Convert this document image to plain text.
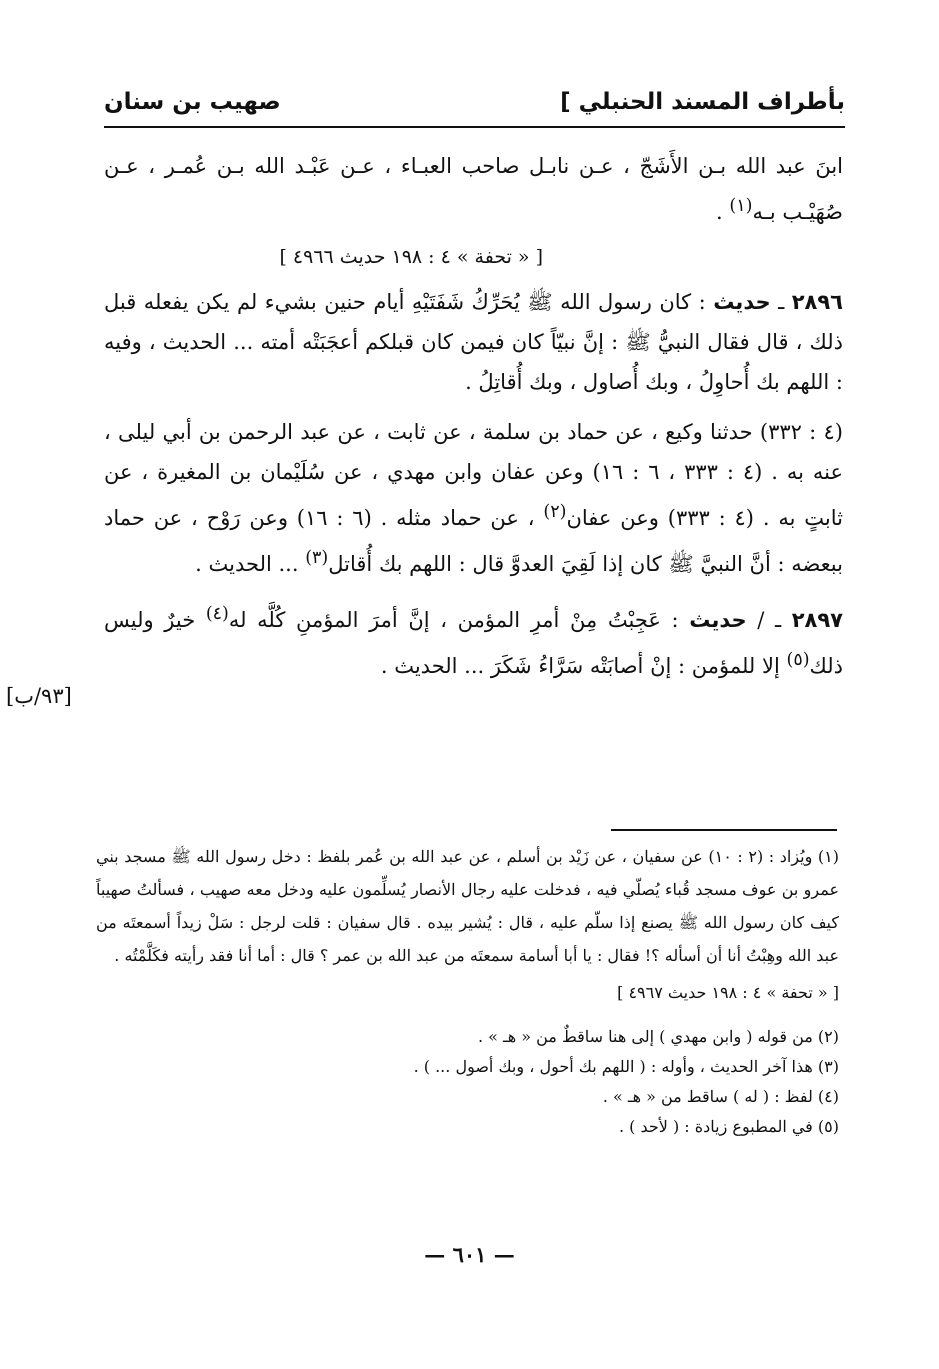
بأطراف المسند الحنبلي ]
صهيب بن سنان

ابنَ عبد الله بـن الأَشَجّ ، عـن نابـل صاحب العبـاء ، عـن عَبْـد الله بـن عُمـر ، عـن صُهَيْـب بـه$^{(١)}$ .

[ « تحفة » ٤ : ١٩٨ حديث ٤٩٦٦ ]

٢٨٩٦ ـ حديث : كان رسول الله ﷺ يُحَرِّكُ شَفَتَيْهِ أيام حنين بشيء لم يكن يفعله قبل ذلك ، قال فقال النبيُّ ﷺ : إنَّ نبيّاً كان فيمن كان قبلكم أعجَبَتْه أمته ... الحديث ، وفيه : اللهم بك أُحاوِلُ ، وبك أُصاول ، وبك أُقاتِلُ .

(٤ : ٣٣٢) حدثنا وكيع ، عن حماد بن سلمة ، عن ثابت ، عن عبد الرحمن بن أبي ليلى ، عنه به . (٤ : ٣٣٣ ، ٦ : ١٦) وعن عفان وابن مهدي ، عن سُلَيْمان بن المغيرة ، عن ثابتٍ به . (٤ : ٣٣٣) وعن عفان$^{(٢)}$ ، عن حماد مثله . (٦ : ١٦) وعن رَوْح ، عن حماد ببعضه : أنَّ النبيَّ ﷺ كان إذا لَقِيَ العدوَّ قال : اللهم بك أُقاتل$^{(٣)}$ ... الحديث .

٢٨٩٧ ـ / حديث : عَجِبْتُ مِنْ أمرِ المؤمن ، إنَّ أمرَ المؤمنِ كُلَّه له$^{(٤)}$ خيرٌ وليس ذلك$^{(٥)}$ إلا للمؤمن : إنْ أصابَتْه سَرَّاءُ شَكَرَ ... الحديث .

[٩٣/ب]

(١) ويُزاد : (٢ : ١٠) عن سفيان ، عن زَيْد بن أسلم ، عن عبد الله بن عُمر بلفظ : دخل رسول الله ﷺ مسجد بني عمرو بن عوف مسجد قُباء يُصلّي فيه ، فدخلت عليه رجال الأنصار يُسلِّمون عليه ودخل معه صهيب ، فسألتُ صهيباً كيف كان رسول الله ﷺ يصنع إذا سلّم عليه ، قال : يُشير بيده . قال سفيان : قلت لرجل : سَلْ زيداً أسمعتَه من عبد الله وهِبْتُ أنا أن أسأله ؟! فقال : يا أبا أسامة سمعتَه من عبد الله بن عمر ؟ قال : أما أنا فقد رأيته فكَلَّمْتُه .

[ « تحفة » ٤ : ١٩٨ حديث ٤٩٦٧ ]

(٢) من قوله ( وابن مهدي ) إلى هنا ساقطٌ من « هـ » .

(٣) هذا آخر الحديث ، وأوله : ( اللهم بك أحول ، وبك أصول ... ) .

(٤) لفظ : ( له ) ساقط من « هـ » .

(٥) في المطبوع زيادة : ( لأحد ) .

— ٦٠١ —
